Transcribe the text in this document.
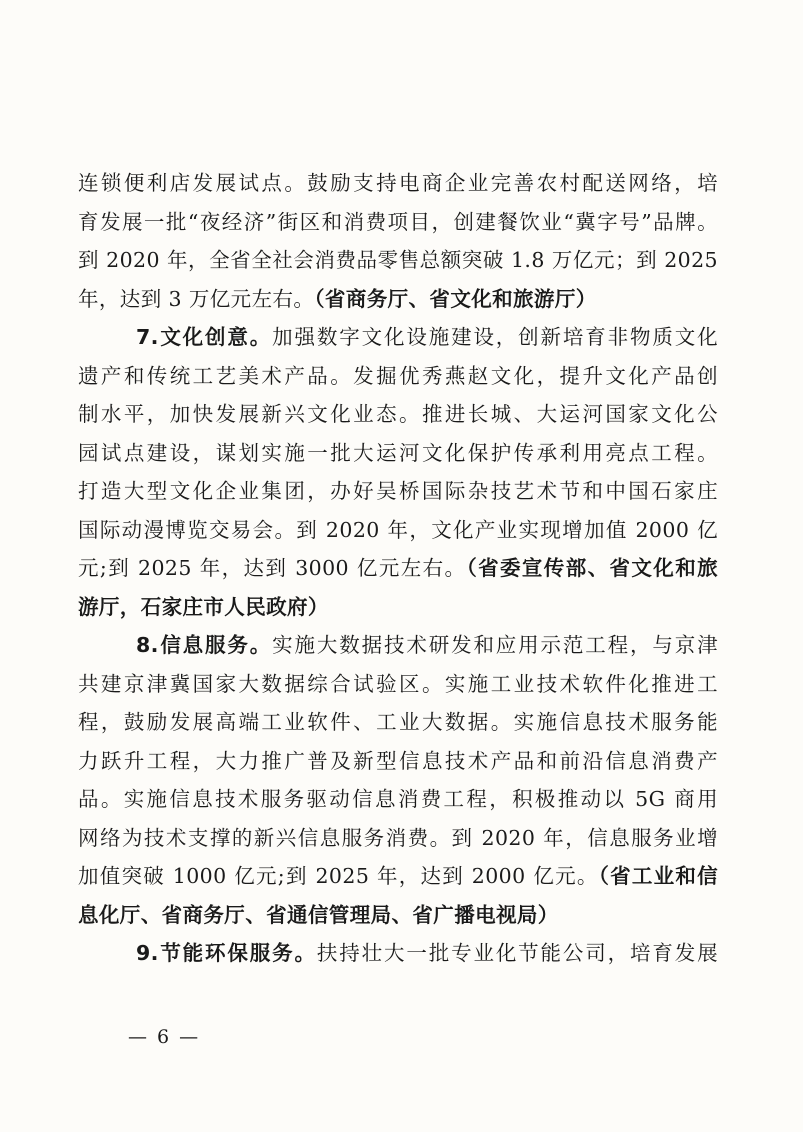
连锁便利店发展试点。鼓励支持电商企业完善农村配送网络，培
育发展一批“夜经济”街区和消费项目，创建餐饮业“冀字号”品牌。
到 2020 年，全省全社会消费品零售总额突破 1.8 万亿元；到 2025
年，达到 3 万亿元左右。（省商务厅、省文化和旅游厅）
7.文化创意。加强数字文化设施建设，创新培育非物质文化
遗产和传统工艺美术产品。发掘优秀燕赵文化，提升文化产品创
制水平，加快发展新兴文化业态。推进长城、大运河国家文化公
园试点建设，谋划实施一批大运河文化保护传承利用亮点工程。
打造大型文化企业集团，办好吴桥国际杂技艺术节和中国石家庄
国际动漫博览交易会。到 2020 年，文化产业实现增加值 2000 亿
元;到 2025 年，达到 3000 亿元左右。（省委宣传部、省文化和旅
游厅，石家庄市人民政府）
8.信息服务。实施大数据技术研发和应用示范工程，与京津
共建京津冀国家大数据综合试验区。实施工业技术软件化推进工
程，鼓励发展高端工业软件、工业大数据。实施信息技术服务能
力跃升工程，大力推广普及新型信息技术产品和前沿信息消费产
品。实施信息技术服务驱动信息消费工程，积极推动以 5G 商用
网络为技术支撑的新兴信息服务消费。到 2020 年，信息服务业增
加值突破 1000 亿元;到 2025 年，达到 2000 亿元。（省工业和信
息化厅、省商务厅、省通信管理局、省广播电视局）
9.节能环保服务。扶持壮大一批专业化节能公司，培育发展
— 6 —
